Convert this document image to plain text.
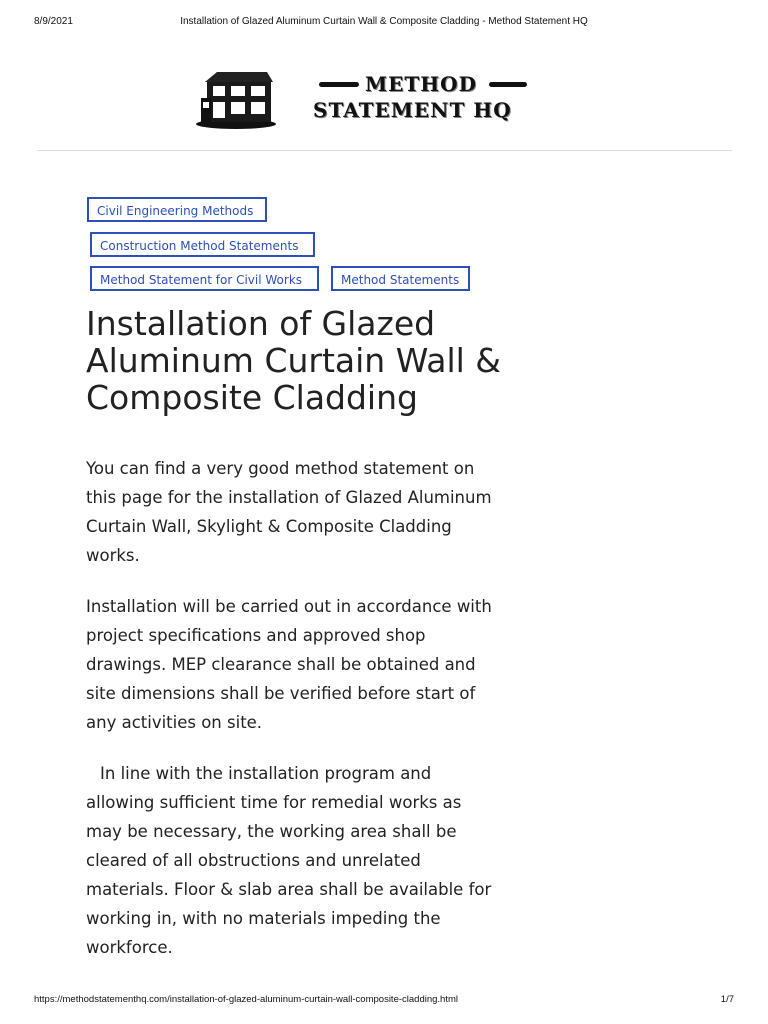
8/9/2021	Installation of Glazed Aluminum Curtain Wall & Composite Cladding - Method Statement HQ
METHOD
STATEMENT HQ
Civil Engineering Methods
Construction Method Statements
Method Statement for Civil Works	Method Statements
Installation of Glazed Aluminum Curtain Wall & Composite Cladding

You can find a very good method statement on this page for the installation of Glazed Aluminum Curtain Wall, Skylight & Composite Cladding works.

Installation will be carried out in accordance with project specifications and approved shop drawings. MEP clearance shall be obtained and site dimensions shall be verified before start of any activities on site.

In line with the installation program and allowing sufficient time for remedial works as may be necessary, the working area shall be cleared of all obstructions and unrelated materials. Floor & slab area shall be available for working in, with no materials impeding the workforce.

https://methodstatementhq.com/installation-of-glazed-aluminum-curtain-wall-composite-cladding.html	1/7
